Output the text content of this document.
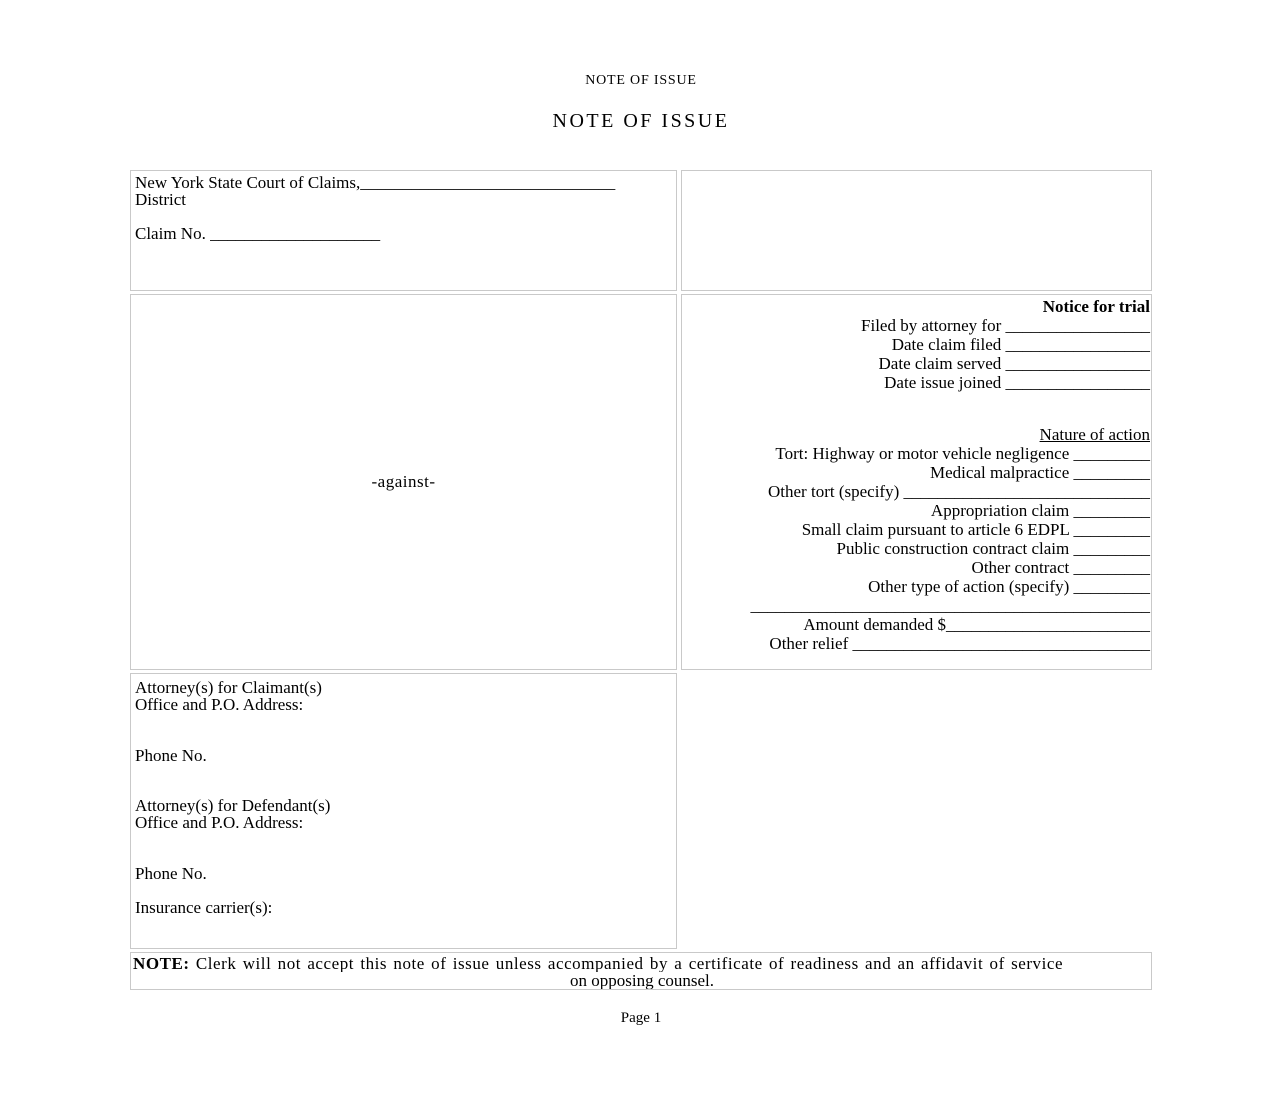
NOTE OF ISSUE
NOTE OF ISSUE
New York State Court of Claims,______________________________
District
Claim No. ____________________
-against-
Notice for trial
Filed by attorney for _________________
Date claim filed _________________
Date claim served _________________
Date issue joined _________________
Nature of action
Tort: Highway or motor vehicle negligence _________
Medical malpractice _________
Other tort (specify) _____________________________
Appropriation claim _________
Small claim pursuant to article 6 EDPL _________
Public construction contract claim _________
Other contract _________
Other type of action (specify) _________
_______________________________________________
Amount demanded $________________________
Other relief ___________________________________
Attorney(s) for Claimant(s)
Office and P.O. Address:
Phone No.
Attorney(s) for Defendant(s)
Office and P.O. Address:
Phone No.
Insurance carrier(s):
NOTE: Clerk will not accept this note of issue unless accompanied by a certificate of readiness and an affidavit of service
on opposing counsel.
Page 1
